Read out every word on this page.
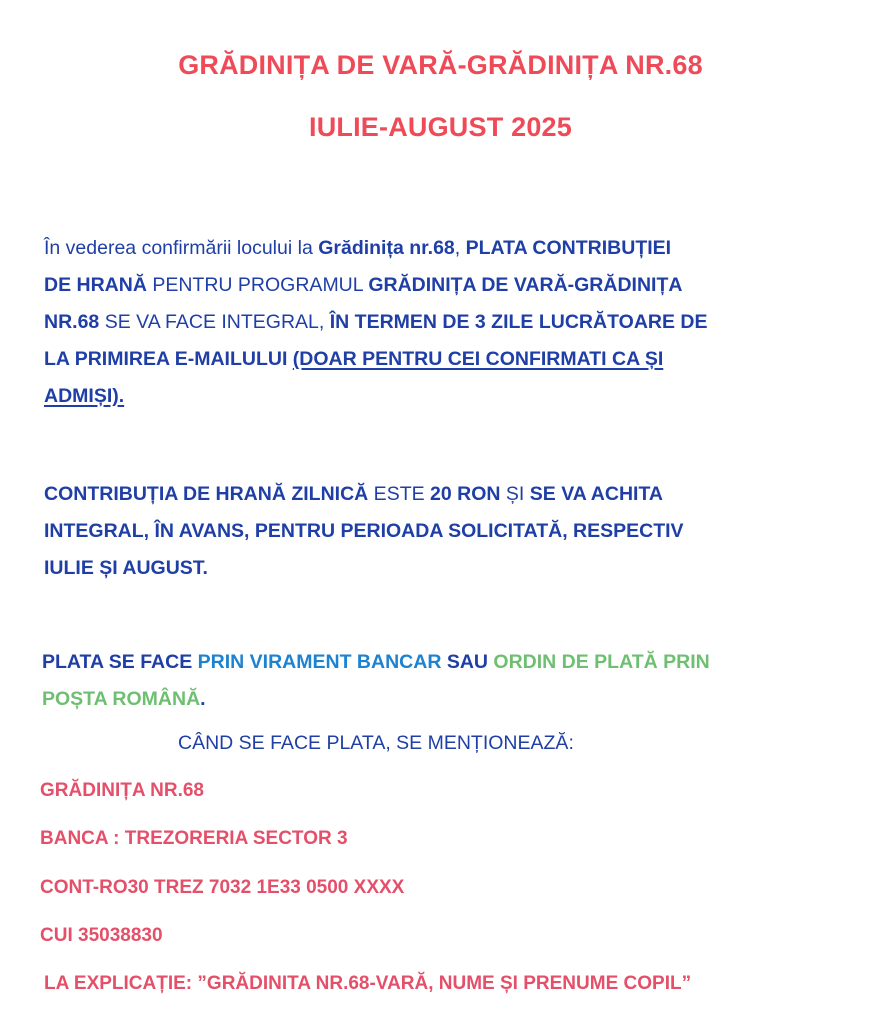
GRĂDINIȚA DE VARĂ-GRĂDINIȚA NR.68
IULIE-AUGUST 2025
În vederea confirmării locului la Grădinița nr.68, PLATA CONTRIBUȚIEI
DE HRANĂ PENTRU PROGRAMUL GRĂDINIȚA DE VARĂ-GRĂDINIȚA
NR.68 SE VA FACE INTEGRAL, ÎN TERMEN DE 3 ZILE LUCRĂTOARE DE
LA PRIMIREA E-MAILULUI (DOAR PENTRU CEI CONFIRMATI CA ȘI
ADMIȘI).
CONTRIBUȚIA DE HRANĂ ZILNICĂ ESTE 20 RON ȘI SE VA ACHITA
INTEGRAL, ÎN AVANS, PENTRU PERIOADA SOLICITATĂ, RESPECTIV
IULIE ȘI AUGUST.
PLATA SE FACE PRIN VIRAMENT BANCAR SAU ORDIN DE PLATĂ PRIN
POȘTA ROMÂNĂ.
CÂND SE FACE PLATA, SE MENȚIONEAZĂ:
GRĂDINIȚA NR.68
BANCA : TREZORERIA SECTOR 3
CONT-RO30 TREZ 7032 1E33 0500 XXXX
CUI 35038830
LA EXPLICAȚIE: ”GRĂDINITA NR.68-VARĂ, NUME ȘI PRENUME COPIL”
